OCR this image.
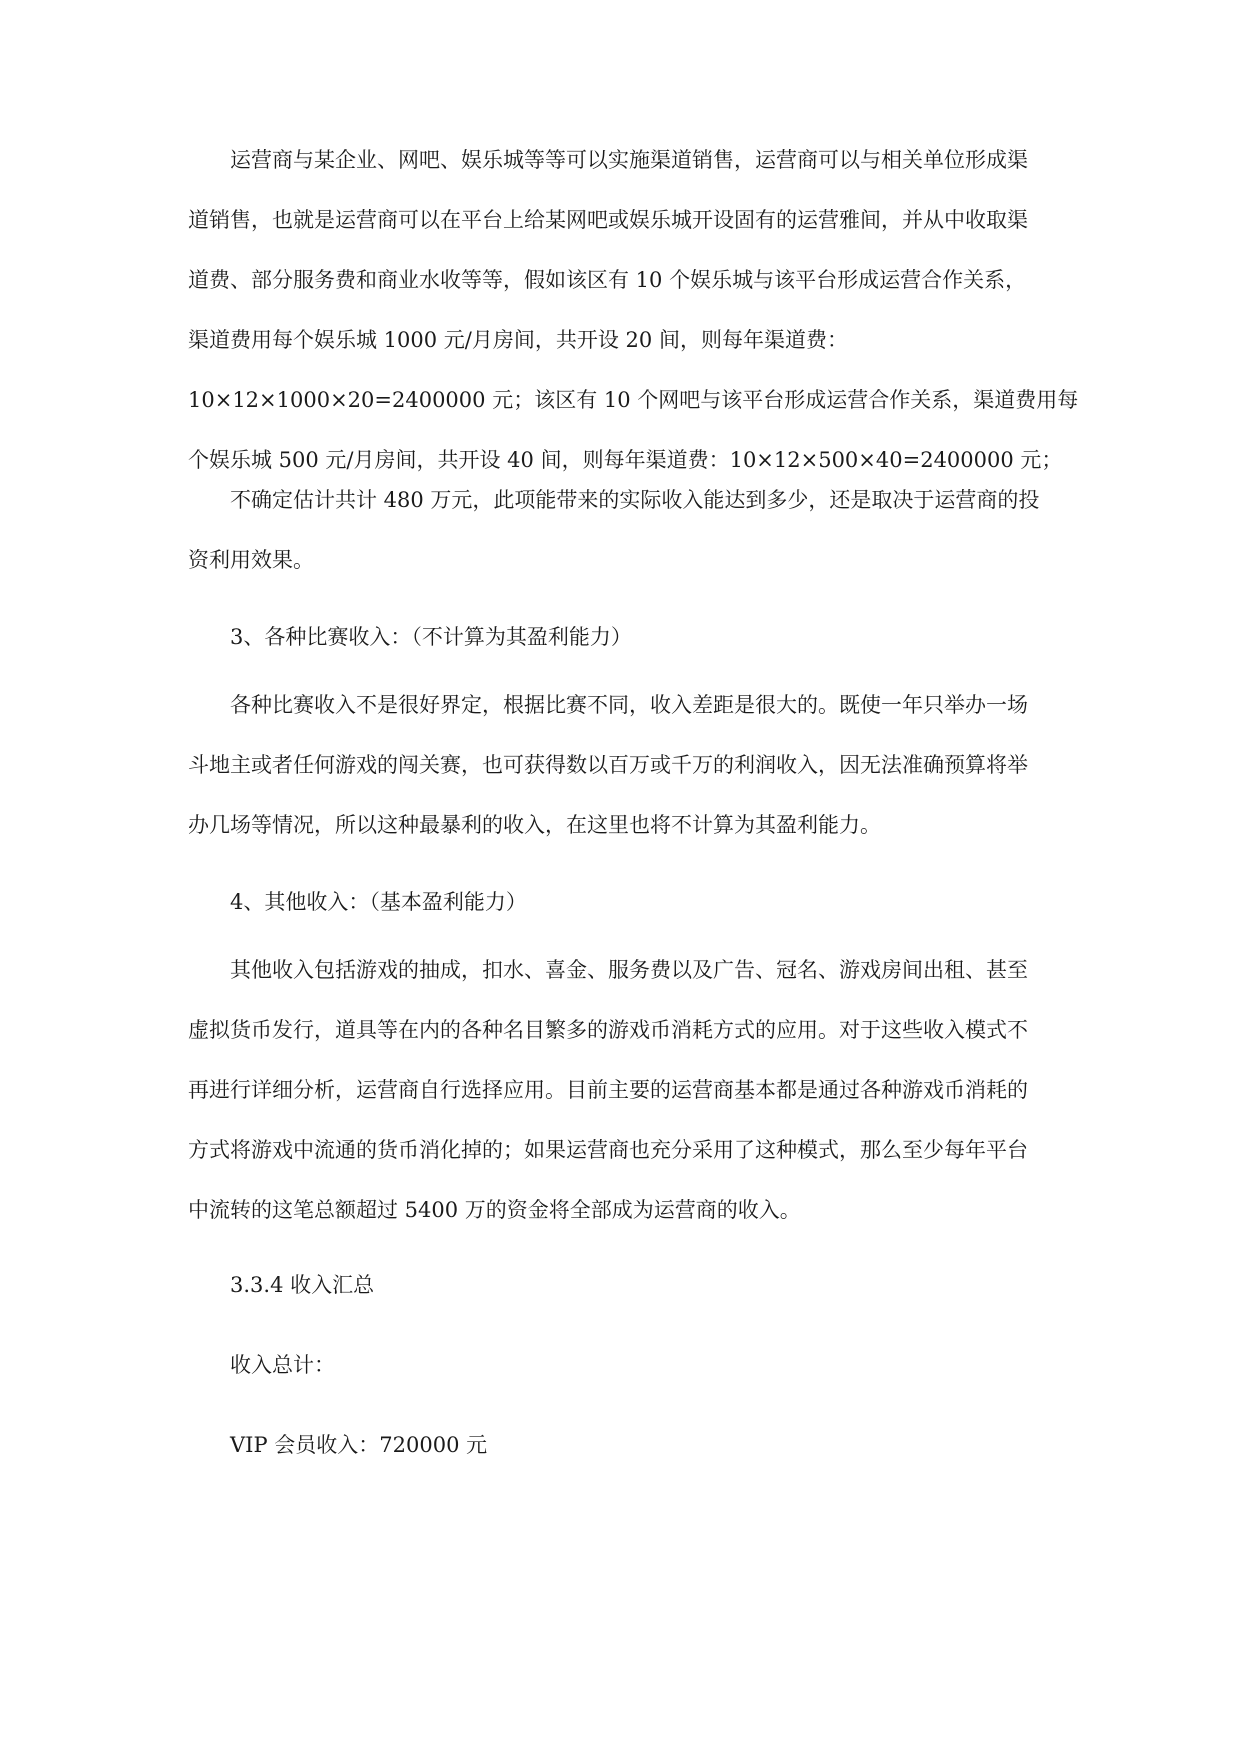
运营商与某企业、网吧、娱乐城等等可以实施渠道销售，运营商可以与相关单位形成渠
道销售，也就是运营商可以在平台上给某网吧或娱乐城开设固有的运营雅间，并从中收取渠
道费、部分服务费和商业水收等等，假如该区有 10 个娱乐城与该平台形成运营合作关系，
渠道费用每个娱乐城 1000 元/月房间，共开设 20 间，则每年渠道费：
10×12×1000×20=2400000 元；该区有 10 个网吧与该平台形成运营合作关系，渠道费用每
个娱乐城 500 元/月房间，共开设 40 间，则每年渠道费：10×12×500×40=2400000 元；
不确定估计共计 480 万元，此项能带来的实际收入能达到多少，还是取决于运营商的投
资利用效果。
3、各种比赛收入：（不计算为其盈利能力）
各种比赛收入不是很好界定，根据比赛不同，收入差距是很大的。既使一年只举办一场
斗地主或者任何游戏的闯关赛，也可获得数以百万或千万的利润收入，因无法准确预算将举
办几场等情况，所以这种最暴利的收入，在这里也将不计算为其盈利能力。
4、其他收入：（基本盈利能力）
其他收入包括游戏的抽成，扣水、喜金、服务费以及广告、冠名、游戏房间出租、甚至
虚拟货币发行，道具等在内的各种名目繁多的游戏币消耗方式的应用。对于这些收入模式不
再进行详细分析，运营商自行选择应用。目前主要的运营商基本都是通过各种游戏币消耗的
方式将游戏中流通的货币消化掉的；如果运营商也充分采用了这种模式，那么至少每年平台
中流转的这笔总额超过 5400 万的资金将全部成为运营商的收入。
3.3.4 收入汇总
收入总计：
VIP 会员收入：720000 元
